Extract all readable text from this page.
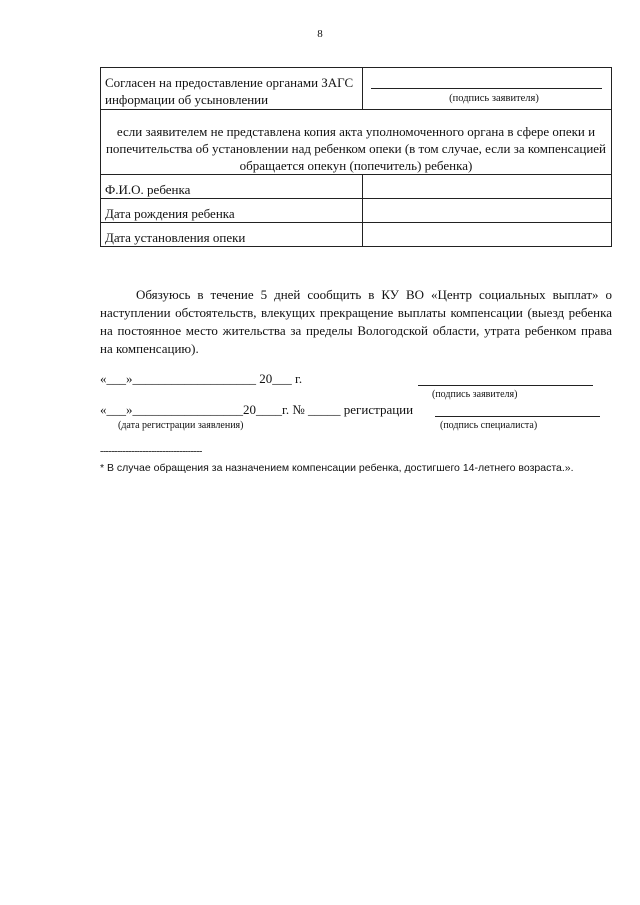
8
Согласен на предоставление органами ЗАГС информации об усыновлении	(подпись заявителя)

если заявителем не представлена копия акта уполномоченного органа в сфере опеки и попечительства об установлении над ребенком опеки (в том случае, если за компенсацией обращается опекун (попечитель) ребенка)	
Ф.И.О. ребенка	
Дата рождения ребенка	
Дата установления опеки	
Обязуюсь в течение 5 дней сообщить в КУ ВО «Центр социальных выплат» о наступлении обстоятельств, влекущих прекращение выплаты компенсации (выезд ребенка на постоянное место жительства за пределы Вологодской области, утрата ребенком права на компенсацию).
«___»___________________ 20___ г.
(подпись заявителя)
«___»_________________20____г. № _____ регистрации
(дата регистрации заявления)	(подпись специалиста)
------------------------------------
* В случае обращения за назначением компенсации ребенка, достигшего 14-летнего возраста.».
